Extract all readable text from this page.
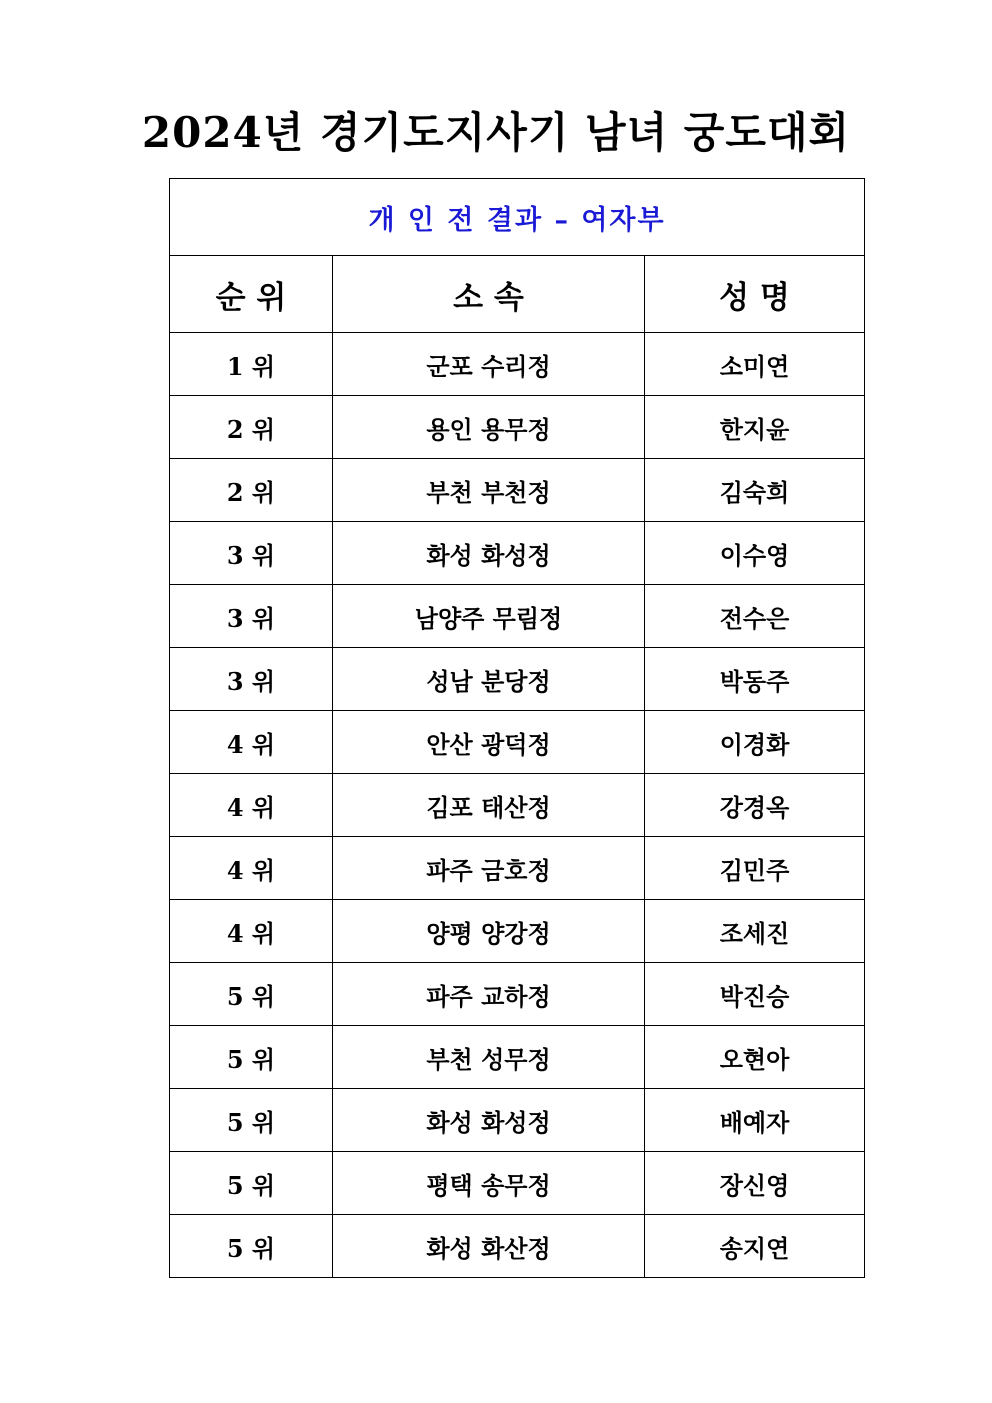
2024년 경기도지사기 남녀 궁도대회
개 인 전 결과 – 여자부		
순 위	소 속	성 명
1 위	군포 수리정	소미연
2 위	용인 용무정	한지윤
2 위	부천 부천정	김숙희
3 위	화성 화성정	이수영
3 위	남양주 무림정	전수은
3 위	성남 분당정	박동주
4 위	안산 광덕정	이경화
4 위	김포 태산정	강경옥
4 위	파주 금호정	김민주
4 위	양평 양강정	조세진
5 위	파주 교하정	박진승
5 위	부천 성무정	오현아
5 위	화성 화성정	배예자
5 위	평택 송무정	장신영
5 위	화성 화산정	송지연
